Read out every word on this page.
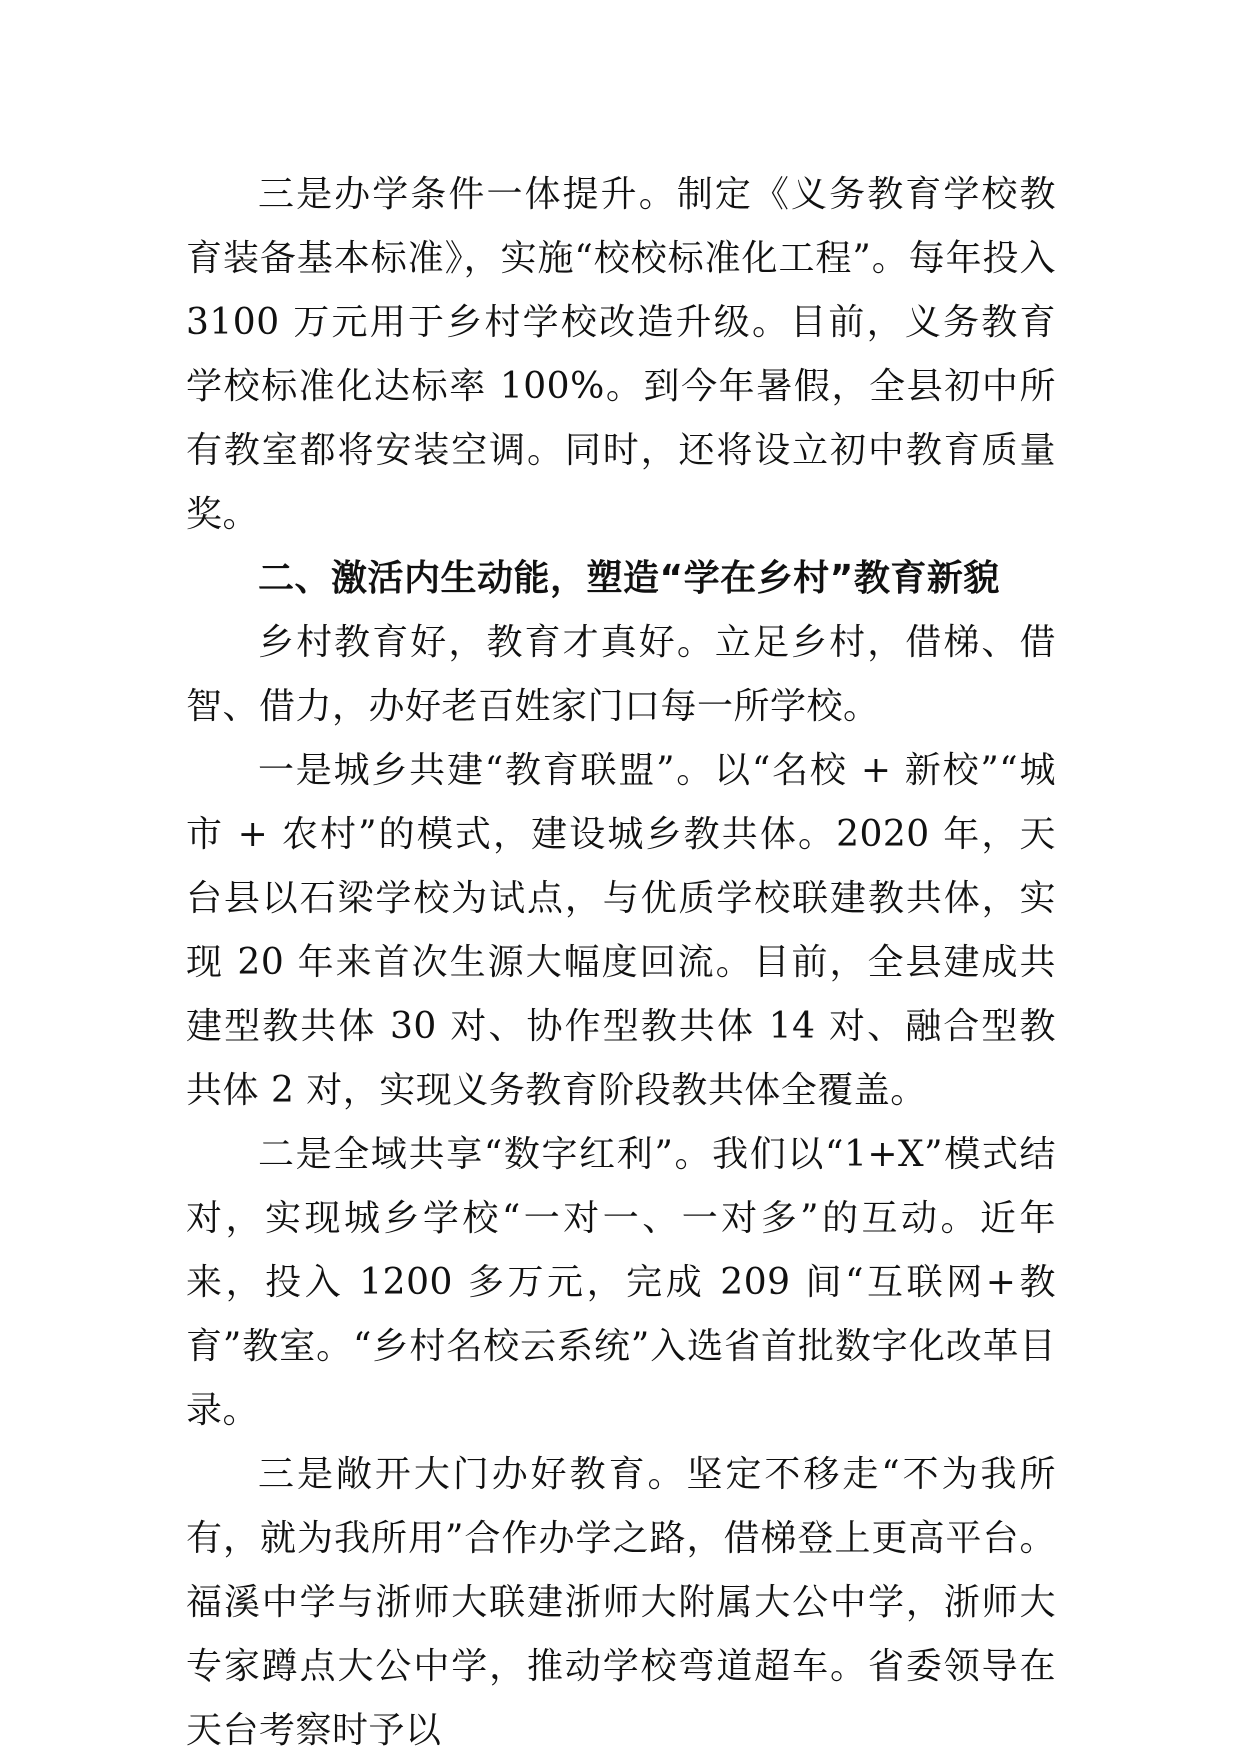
三是办学条件一体提升。制定《义务教育学校教育装备基本标准》，实施“校校标准化工程”。每年投入 3100 万元用于乡村学校改造升级。目前，义务教育学校标准化达标率 100%。到今年暑假，全县初中所有教室都将安装空调。同时，还将设立初中教育质量奖。

二、激活内生动能，塑造“学在乡村”教育新貌

乡村教育好，教育才真好。立足乡村，借梯、借智、借力，办好老百姓家门口每一所学校。

一是城乡共建“教育联盟”。以“名校 + 新校”“城市 + 农村”的模式，建设城乡教共体。2020 年，天台县以石梁学校为试点，与优质学校联建教共体，实现 20 年来首次生源大幅度回流。目前，全县建成共建型教共体 30 对、协作型教共体 14 对、融合型教共体 2 对，实现义务教育阶段教共体全覆盖。

二是全域共享“数字红利”。我们以“1+X”模式结对，实现城乡学校“一对一、一对多”的互动。近年来，投入 1200 多万元，完成 209 间“互联网+教育”教室。“乡村名校云系统”入选省首批数字化改革目录。

三是敞开大门办好教育。坚定不移走“不为我所有，就为我所用”合作办学之路，借梯登上更高平台。福溪中学与浙师大联建浙师大附属大公中学，浙师大专家蹲点大公中学，推动学校弯道超车。省委领导在天台考察时予以
